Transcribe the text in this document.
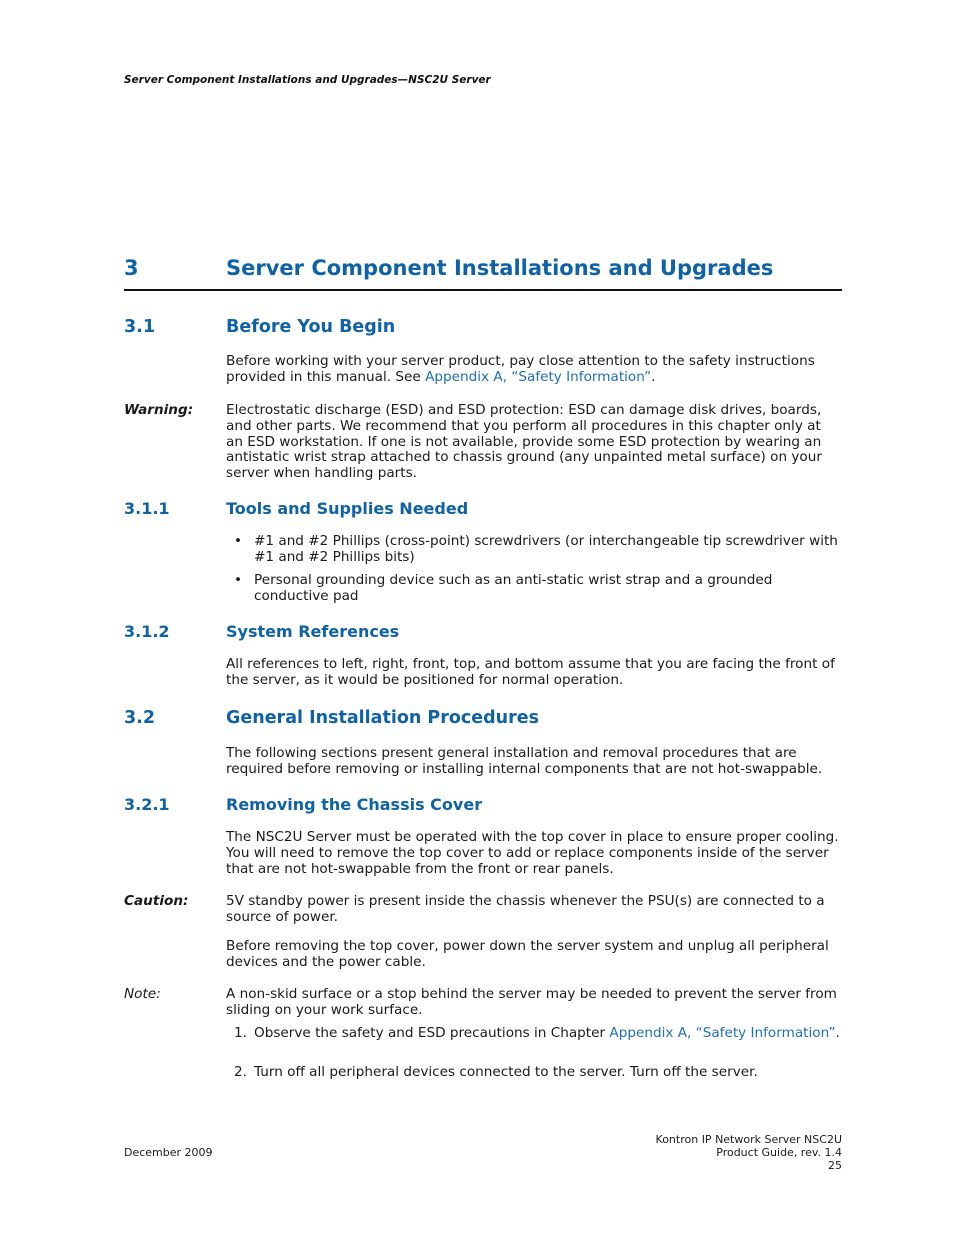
Server Component Installations and Upgrades—NSC2U Server
3	Server Component Installations and Upgrades
3.1	Before You Begin
Before working with your server product, pay close attention to the safety instructions provided in this manual. See Appendix A, “Safety Information”.
Warning: Electrostatic discharge (ESD) and ESD protection: ESD can damage disk drives, boards, and other parts. We recommend that you perform all procedures in this chapter only at an ESD workstation. If one is not available, provide some ESD protection by wearing an antistatic wrist strap attached to chassis ground (any unpainted metal surface) on your server when handling parts.
3.1.1	Tools and Supplies Needed
• #1 and #2 Phillips (cross-point) screwdrivers (or interchangeable tip screwdriver with #1 and #2 Phillips bits)
• Personal grounding device such as an anti-static wrist strap and a grounded conductive pad
3.1.2	System References
All references to left, right, front, top, and bottom assume that you are facing the front of the server, as it would be positioned for normal operation.
3.2	General Installation Procedures
The following sections present general installation and removal procedures that are required before removing or installing internal components that are not hot-swappable.
3.2.1	Removing the Chassis Cover
The NSC2U Server must be operated with the top cover in place to ensure proper cooling. You will need to remove the top cover to add or replace components inside of the server that are not hot-swappable from the front or rear panels.
Caution:	5V standby power is present inside the chassis whenever the PSU(s) are connected to a source of power.
Before removing the top cover, power down the server system and unplug all peripheral devices and the power cable.
Note:	A non-skid surface or a stop behind the server may be needed to prevent the server from sliding on your work surface.
1. Observe the safety and ESD precautions in Chapter Appendix A, “Safety Information”.
2. Turn off all peripheral devices connected to the server. Turn off the server.
December 2009
Kontron IP Network Server NSC2U
Product Guide, rev. 1.4
25
